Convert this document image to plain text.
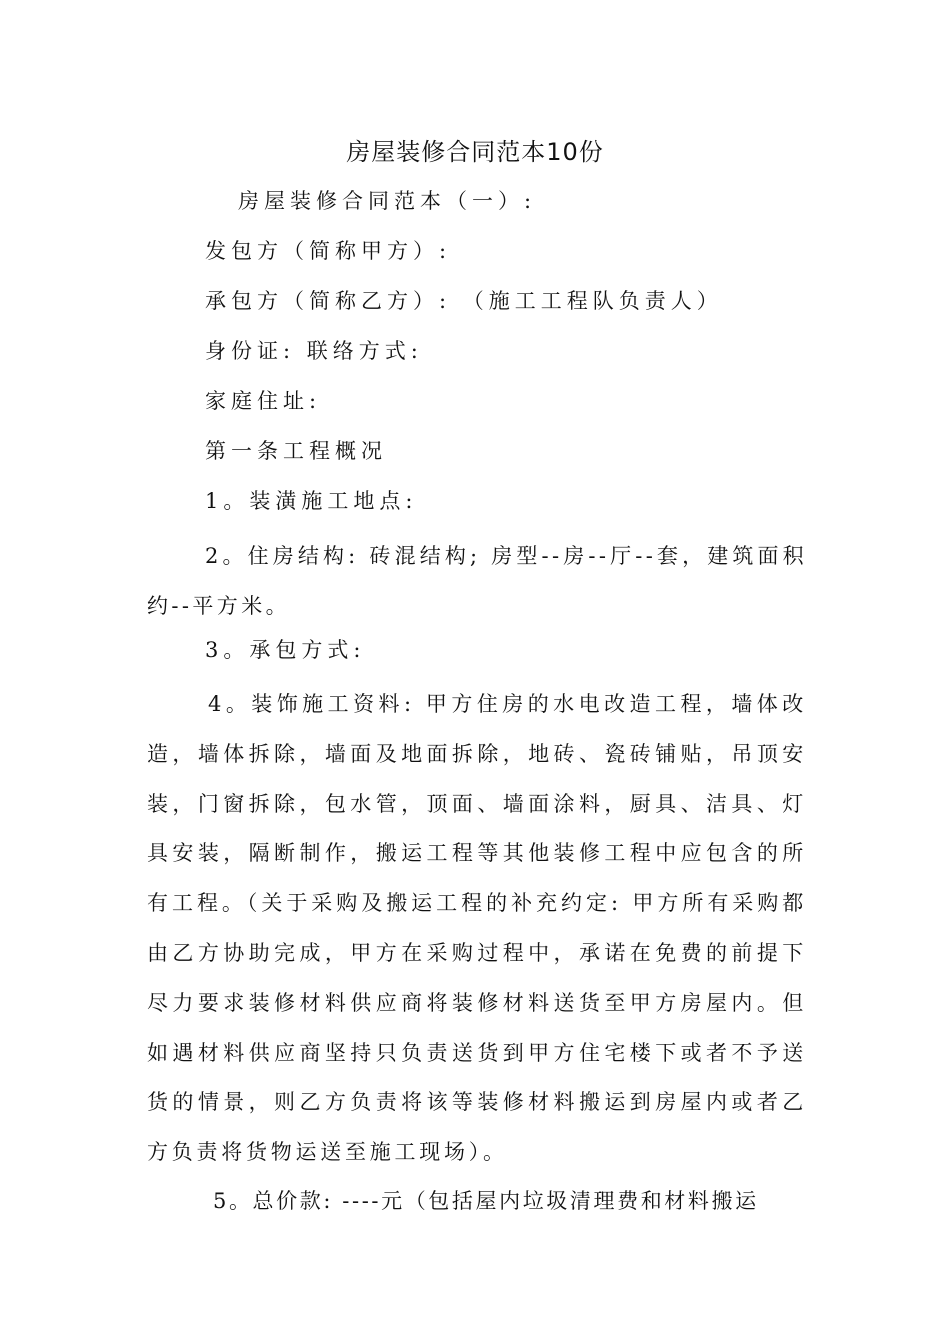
房屋装修合同范本10份

房屋装修合同范本（一）:

发包方（简称甲方）:

承包方（简称乙方）: （施工工程队负责人）

身份证: 联络方式:

家庭住址:

第一条工程概况

1。装潢施工地点:

2。住房结构: 砖混结构; 房型--房--厅--套，建筑面积约--平方米。

3。承包方式:

4。装饰施工资料: 甲方住房的水电改造工程，墙体改造，墙体拆除，墙面及地面拆除，地砖、瓷砖铺贴，吊顶安装，门窗拆除，包水管，顶面、墙面涂料，厨具、洁具、灯具安装，隔断制作，搬运工程等其他装修工程中应包含的所有工程。（关于采购及搬运工程的补充约定: 甲方所有采购都由乙方协助完成，甲方在采购过程中，承诺在免费的前提下尽力要求装修材料供应商将装修材料送货至甲方房屋内。但如遇材料供应商坚持只负责送货到甲方住宅楼下或者不予送货的情景，则乙方负责将该等装修材料搬运到房屋内或者乙方负责将货物运送至施工现场）。

5。总价款: ----元（包括屋内垃圾清理费和材料搬运
